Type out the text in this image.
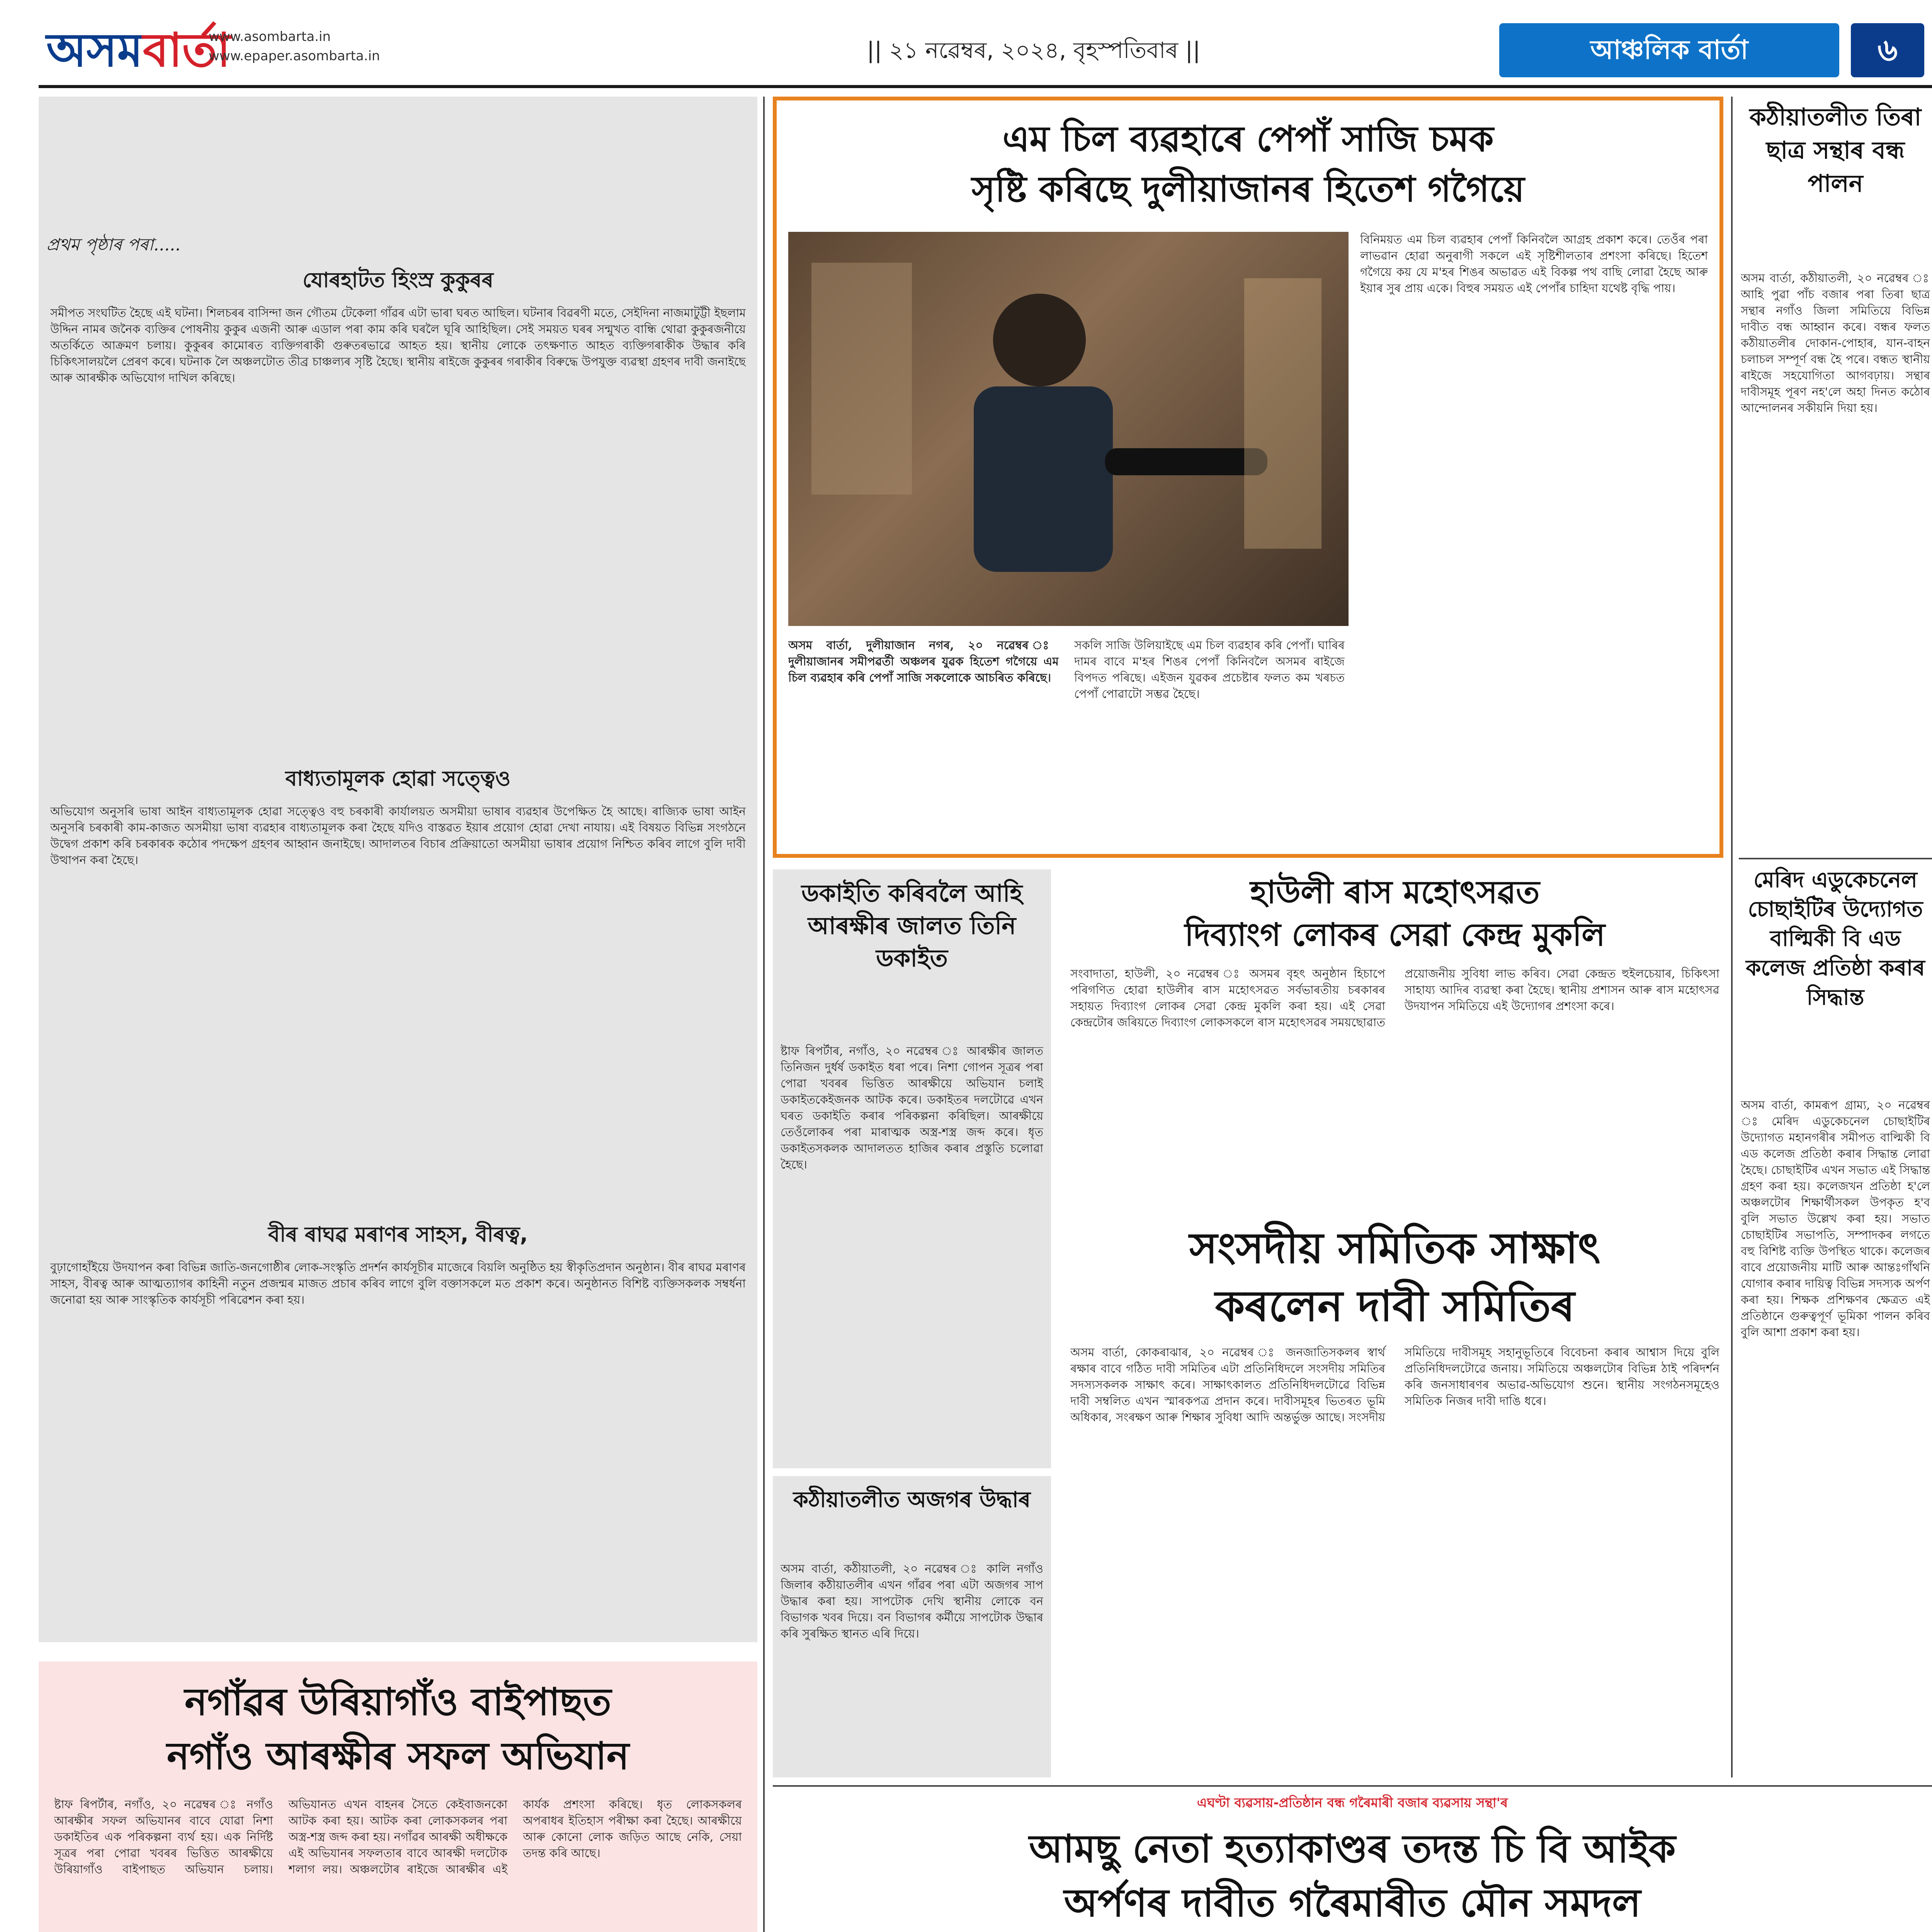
অসমবার্তা
www.asombarta.in
www.epaper.asombarta.in	|| ২১ নৱেম্বৰ, ২০২৪, বৃহস্পতিবাৰ ||	আঞ্চলিক বাৰ্তা	৬
প্ৰথম পৃষ্ঠাৰ পৰা.....
যোৰহাটত হিংস্ৰ কুকুৰৰ
সমীপত সংঘটিত হৈছে এই ঘটনা। শিলচৰৰ বাসিন্দা জন গৌতম টেকেলা গাঁৱৰ এটা ভাৰা ঘৰত আছিল। ঘটনাৰ বিৱৰণী মতে, সেইদিনা নাজমাটুট্টী ইছলাম উদ্দিন নামৰ জনৈক ব্যক্তিৰ পোষনীয় কুকুৰ এজনী আৰু এডাল পৰা কাম কৰি ঘৰলৈ ঘূৰি আহিছিল। সেই সময়ত ঘৰৰ সন্মুখত বান্ধি থোৱা কুকুৰজনীয়ে অতৰ্কিতে আক্ৰমণ চলায়। কুকুৰৰ কামোৰত ব্যক্তিগৰাকী গুৰুতৰভাৱে আহত হয়। স্থানীয় লোকে তৎক্ষণাত আহত ব্যক্তিগৰাকীক উদ্ধাৰ কৰি চিকিৎসালয়লৈ প্ৰেৰণ কৰে। ঘটনাক লৈ অঞ্চলটোত তীব্ৰ চাঞ্চল্যৰ সৃষ্টি হৈছে। স্থানীয় ৰাইজে কুকুৰৰ গৰাকীৰ বিৰুদ্ধে উপযুক্ত ব্যৱস্থা গ্ৰহণৰ দাবী জনাইছে আৰু আৰক্ষীক অভিযোগ দাখিল কৰিছে।
বাধ্যতামূলক হোৱা সত্ত্বেও
অভিযোগ অনুসৰি ভাষা আইন বাধ্যতামূলক হোৱা সত্ত্বেও বহু চৰকাৰী কাৰ্যালয়ত অসমীয়া ভাষাৰ ব্যৱহাৰ উপেক্ষিত হৈ আছে। ৰাজ্যিক ভাষা আইন অনুসৰি চৰকাৰী কাম-কাজত অসমীয়া ভাষা ব্যৱহাৰ বাধ্যতামূলক কৰা হৈছে যদিও বাস্তৱত ইয়াৰ প্ৰয়োগ হোৱা দেখা নাযায়। এই বিষয়ত বিভিন্ন সংগঠনে উদ্বেগ প্ৰকাশ কৰি চৰকাৰক কঠোৰ পদক্ষেপ গ্ৰহণৰ আহ্বান জনাইছে। আদালতৰ বিচাৰ প্ৰক্ৰিয়াতো অসমীয়া ভাষাৰ প্ৰয়োগ নিশ্চিত কৰিব লাগে বুলি দাবী উত্থাপন কৰা হৈছে।
বীৰ ৰাঘৱ মৰাণৰ সাহস, বীৰত্ব,
বুঢ়াগোহাঁইয়ে উদযাপন কৰা বিভিন্ন জাতি-জনগোষ্ঠীৰ লোক-সংস্কৃতি প্ৰদৰ্শন কাৰ্যসূচীৰ মাজেৰে বিয়লি অনুষ্ঠিত হয় স্বীকৃতিপ্ৰদান অনুষ্ঠান। বীৰ ৰাঘৱ মৰাণৰ সাহস, বীৰত্ব আৰু আত্মত্যাগৰ কাহিনী নতুন প্ৰজন্মৰ মাজত প্ৰচাৰ কৰিব লাগে বুলি বক্তাসকলে মত প্ৰকাশ কৰে। অনুষ্ঠানত বিশিষ্ট ব্যক্তিসকলক সম্বৰ্ধনা জনোৱা হয় আৰু সাংস্কৃতিক কাৰ্যসূচী পৰিৱেশন কৰা হয়।
এম চিল ব্যৱহাৰে পেপাঁ সাজি চমক
সৃষ্টি কৰিছে দুলীয়াজানৰ হিতেশ গগৈয়ে
বিনিময়ত এম চিল ব্যৱহাৰ পেপাঁ কিনিবলৈ আগ্ৰহ প্ৰকাশ কৰে। তেওঁৰ পৰা লাভৱান হোৱা অনুৰাগী সকলে এই সৃষ্টিশীলতাৰ প্ৰশংসা কৰিছে। হিতেশ গগৈয়ে কয় যে ম'হৰ শিঙৰ অভাৱত এই বিকল্প পথ বাছি লোৱা হৈছে আৰু ইয়াৰ সুৰ প্ৰায় একে। বিহুৰ সময়ত এই পেপাঁৰ চাহিদা যথেষ্ট বৃদ্ধি পায়।
অসম বাৰ্তা, দুলীয়াজান নগৰ, ২০ নৱেম্বৰ ঃ দুলীয়াজানৰ সমীপৱৰ্তী অঞ্চলৰ যুৱক হিতেশ গগৈয়ে এম চিল ব্যৱহাৰ কৰি পেপাঁ সাজি সকলোকে আচৰিত কৰিছে।
সকলি সাজি উলিয়াইছে এম চিল ব্যৱহাৰ কৰি পেপাঁ। ঘাৰিৰ দামৰ বাবে ম'হৰ শিঙৰ পেপাঁ কিনিবলৈ অসমৰ ৰাইজে বিপদত পৰিছে। এইজন যুৱকৰ প্ৰচেষ্টাৰ ফলত কম খৰচত পেপাঁ পোৱাটো সম্ভৱ হৈছে।
কঠীয়াতলীত তিৰা ছাত্ৰ সন্থাৰ বন্ধ পালন
অসম বাৰ্তা, কঠীয়াতলী, ২০ নৱেম্বৰ ঃ আহি পুৱা পাঁচ বজাৰ পৰা তিৰা ছাত্ৰ সন্থাৰ নগাঁও জিলা সমিতিয়ে বিভিন্ন দাবীত বন্ধ আহ্বান কৰে। বন্ধৰ ফলত কঠীয়াতলীৰ দোকান-পোহাৰ, যান-বাহন চলাচল সম্পূৰ্ণ বন্ধ হৈ পৰে। বন্ধত স্থানীয় ৰাইজে সহযোগিতা আগবঢ়ায়। সন্থাৰ দাবীসমূহ পূৰণ নহ'লে অহা দিনত কঠোৰ আন্দোলনৰ সকীয়নি দিয়া হয়।
মেৰিদ এডুকেচনেল চোছাইটিৰ উদ্যোগত বাল্মিকী বি এড কলেজ প্ৰতিষ্ঠা কৰাৰ সিদ্ধান্ত
অসম বাৰ্তা, কামৰূপ গ্ৰাম্য, ২০ নৱেম্বৰ ঃ মেৰিদ এডুকেচনেল চোছাইটিৰ উদ্যোগত মহানগৰীৰ সমীপত বাল্মিকী বি এড কলেজ প্ৰতিষ্ঠা কৰাৰ সিদ্ধান্ত লোৱা হৈছে। চোছাইটিৰ এখন সভাত এই সিদ্ধান্ত গ্ৰহণ কৰা হয়। কলেজখন প্ৰতিষ্ঠা হ'লে অঞ্চলটোৰ শিক্ষাৰ্থীসকল উপকৃত হ'ব বুলি সভাত উল্লেখ কৰা হয়। সভাত চোছাইটিৰ সভাপতি, সম্পাদকৰ লগতে বহু বিশিষ্ট ব্যক্তি উপস্থিত থাকে। কলেজৰ বাবে প্ৰয়োজনীয় মাটি আৰু আন্তঃগাঁথনি যোগাৰ কৰাৰ দায়িত্ব বিভিন্ন সদস্যক অৰ্পণ কৰা হয়। শিক্ষক প্ৰশিক্ষণৰ ক্ষেত্ৰত এই প্ৰতিষ্ঠানে গুৰুত্বপূৰ্ণ ভূমিকা পালন কৰিব বুলি আশা প্ৰকাশ কৰা হয়।
ডকাইতি কৰিবলৈ আহি আৰক্ষীৰ জালত তিনি ডকাইত
ষ্টাফ ৰিপৰ্টাৰ, নগাঁও, ২০ নৱেম্বৰ ঃ আৰক্ষীৰ জালত তিনিজন দুৰ্ধৰ্ষ ডকাইত ধৰা পৰে। নিশা গোপন সূত্ৰৰ পৰা পোৱা খবৰৰ ভিত্তিত আৰক্ষীয়ে অভিযান চলাই ডকাইতকেইজনক আটক কৰে। ডকাইতৰ দলটোৱে এখন ঘৰত ডকাইতি কৰাৰ পৰিকল্পনা কৰিছিল। আৰক্ষীয়ে তেওঁলোকৰ পৰা মাৰাত্মক অস্ত্ৰ-শস্ত্ৰ জব্দ কৰে। ধৃত ডকাইতসকলক আদালতত হাজিৰ কৰাৰ প্ৰস্তুতি চলোৱা হৈছে।
কঠীয়াতলীত অজগৰ উদ্ধাৰ
অসম বাৰ্তা, কঠীয়াতলী, ২০ নৱেম্বৰ ঃ কালি নগাঁও জিলাৰ কঠীয়াতলীৰ এখন গাঁৱৰ পৰা এটা অজগৰ সাপ উদ্ধাৰ কৰা হয়। সাপটোক দেখি স্থানীয় লোকে বন বিভাগক খবৰ দিয়ে। বন বিভাগৰ কৰ্মীয়ে সাপটোক উদ্ধাৰ কৰি সুৰক্ষিত স্থানত এৰি দিয়ে।
হাউলী ৰাস মহোৎসৱত
দিব্যাংগ লোকৰ সেৱা কেন্দ্ৰ মুকলি
সংবাদাতা, হাউলী, ২০ নৱেম্বৰ ঃ অসমৰ বৃহৎ অনুষ্ঠান হিচাপে পৰিগণিত হোৱা হাউলীৰ ৰাস মহোৎসৱত সৰ্বভাৰতীয় চৰকাৰৰ সহায়ত দিব্যাংগ লোকৰ সেৱা কেন্দ্ৰ মুকলি কৰা হয়। এই সেৱা কেন্দ্ৰটোৰ জৰিয়তে দিব্যাংগ লোকসকলে ৰাস মহোৎসৱৰ সময়ছোৱাত প্ৰয়োজনীয় সুবিধা লাভ কৰিব। সেৱা কেন্দ্ৰত হুইলচেয়াৰ, চিকিৎসা সাহায্য আদিৰ ব্যৱস্থা কৰা হৈছে। স্থানীয় প্ৰশাসন আৰু ৰাস মহোৎসৱ উদযাপন সমিতিয়ে এই উদ্যোগৰ প্ৰশংসা কৰে।
সংসদীয় সমিতিক সাক্ষাৎ
কৰলেন দাবী সমিতিৰ
অসম বাৰ্তা, কোকৰাঝাৰ, ২০ নৱেম্বৰ ঃ জনজাতিসকলৰ স্বাৰ্থ ৰক্ষাৰ বাবে গঠিত দাবী সমিতিৰ এটা প্ৰতিনিধিদলে সংসদীয় সমিতিৰ সদস্যসকলক সাক্ষাৎ কৰে। সাক্ষাৎকালত প্ৰতিনিধিদলটোৱে বিভিন্ন দাবী সম্বলিত এখন স্মাৰকপত্ৰ প্ৰদান কৰে। দাবীসমূহৰ ভিতৰত ভূমি অধিকাৰ, সংৰক্ষণ আৰু শিক্ষাৰ সুবিধা আদি অন্তৰ্ভুক্ত আছে। সংসদীয় সমিতিয়ে দাবীসমূহ সহানুভূতিৰে বিবেচনা কৰাৰ আশ্বাস দিয়ে বুলি প্ৰতিনিধিদলটোৱে জনায়। সমিতিয়ে অঞ্চলটোৰ বিভিন্ন ঠাই পৰিদৰ্শন কৰি জনসাধাৰণৰ অভাৱ-অভিযোগ শুনে। স্থানীয় সংগঠনসমূহেও সমিতিক নিজৰ দাবী দাঙি ধৰে।
এঘণ্টা ব্যৱসায়-প্ৰতিষ্ঠান বন্ধ গৰৈমাৰী বজাৰ ব্যৱসায় সন্থা'ৰ
আমছু নেতা হত্যাকাণ্ডৰ তদন্ত চি বি আইক
অৰ্পণৰ দাবীত গৰৈমাৰীত মৌন সমদল
নগাঁৱৰ উৰিয়াগাঁও বাইপাছত
নগাঁও আৰক্ষীৰ সফল অভিযান
ষ্টাফ ৰিপৰ্টাৰ, নগাঁও, ২০ নৱেম্বৰ ঃ নগাঁও আৰক্ষীৰ সফল অভিযানৰ বাবে যোৱা নিশা ডকাইতিৰ এক পৰিকল্পনা ব্যৰ্থ হয়। এক নিৰ্দিষ্ট সূত্ৰৰ পৰা পোৱা খবৰৰ ভিত্তিত আৰক্ষীয়ে উৰিয়াগাঁও বাইপাছত অভিযান চলায়। অভিযানত এখন বাহনৰ সৈতে কেইবাজনকো আটক কৰা হয়। আটক কৰা লোকসকলৰ পৰা অস্ত্ৰ-শস্ত্ৰ জব্দ কৰা হয়। নগাঁৱৰ আৰক্ষী অধীক্ষকে এই অভিযানৰ সফলতাৰ বাবে আৰক্ষী দলটোক শলাগ লয়। অঞ্চলটোৰ ৰাইজে আৰক্ষীৰ এই কাৰ্যক প্ৰশংসা কৰিছে। ধৃত লোকসকলৰ অপৰাধৰ ইতিহাস পৰীক্ষা কৰা হৈছে। আৰক্ষীয়ে আৰু কোনো লোক জড়িত আছে নেকি, সেয়া তদন্ত কৰি আছে।
